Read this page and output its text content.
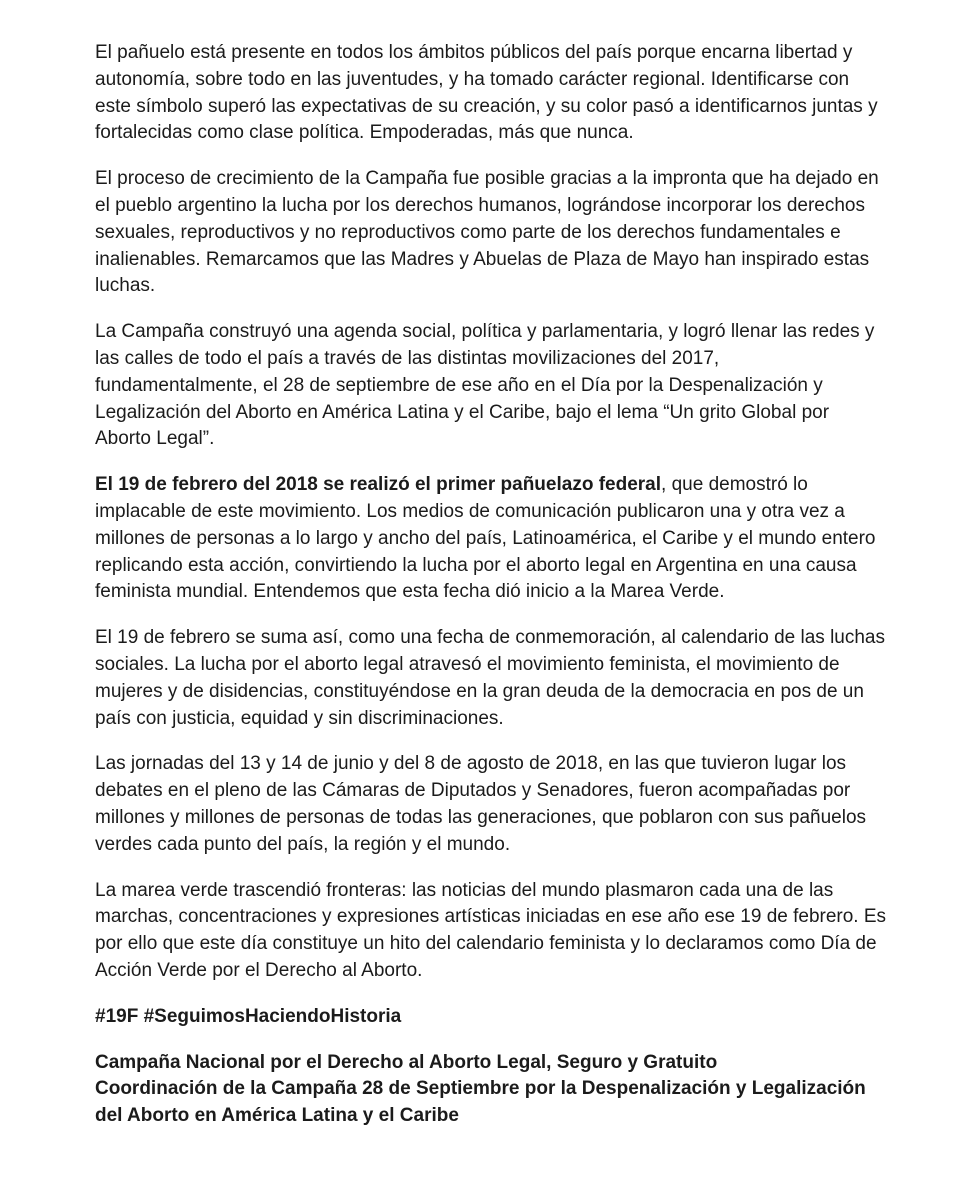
El pañuelo está presente en todos los ámbitos públicos del país porque encarna libertad y autonomía, sobre todo en las juventudes, y ha tomado carácter regional. Identificarse con este símbolo superó las expectativas de su creación, y su color pasó a identificarnos juntas y fortalecidas como clase política. Empoderadas, más que nunca.

El proceso de crecimiento de la Campaña fue posible gracias a la impronta que ha dejado en el pueblo argentino la lucha por los derechos humanos, lográndose incorporar los derechos sexuales, reproductivos y no reproductivos como parte de los derechos fundamentales e inalienables. Remarcamos que las Madres y Abuelas de Plaza de Mayo han inspirado estas luchas.

La Campaña construyó una agenda social, política y parlamentaria, y logró llenar las redes y las calles de todo el país a través de las distintas movilizaciones del 2017, fundamentalmente, el 28 de septiembre de ese año en el Día por la Despenalización y Legalización del Aborto en América Latina y el Caribe, bajo el lema “Un grito Global por Aborto Legal”.

El 19 de febrero del 2018 se realizó el primer pañuelazo federal, que demostró lo implacable de este movimiento. Los medios de comunicación publicaron una y otra vez a millones de personas a lo largo y ancho del país, Latinoamérica, el Caribe y el mundo entero replicando esta acción, convirtiendo la lucha por el aborto legal en Argentina en una causa feminista mundial. Entendemos que esta fecha dió inicio a la Marea Verde.

El 19 de febrero se suma así, como una fecha de conmemoración, al calendario de las luchas sociales. La lucha por el aborto legal atravesó el movimiento feminista, el movimiento de mujeres y de disidencias, constituyéndose en la gran deuda de la democracia en pos de un país con justicia, equidad y sin discriminaciones.

Las jornadas del 13 y 14 de junio y del 8 de agosto de 2018, en las que tuvieron lugar los debates en el pleno de las Cámaras de Diputados y Senadores, fueron acompañadas por millones y millones de personas de todas las generaciones, que poblaron con sus pañuelos verdes cada punto del país, la región y el mundo.

La marea verde trascendió fronteras: las noticias del mundo plasmaron cada una de las marchas, concentraciones y expresiones artísticas iniciadas en ese año ese 19 de febrero. Es por ello que este día constituye un hito del calendario feminista y lo declaramos como Día de Acción Verde por el Derecho al Aborto.

#19F #SeguimosHaciendoHistoria

Campaña Nacional por el Derecho al Aborto Legal, Seguro y Gratuito
Coordinación de la Campaña 28 de Septiembre por la Despenalización y Legalización del Aborto en América Latina y el Caribe
